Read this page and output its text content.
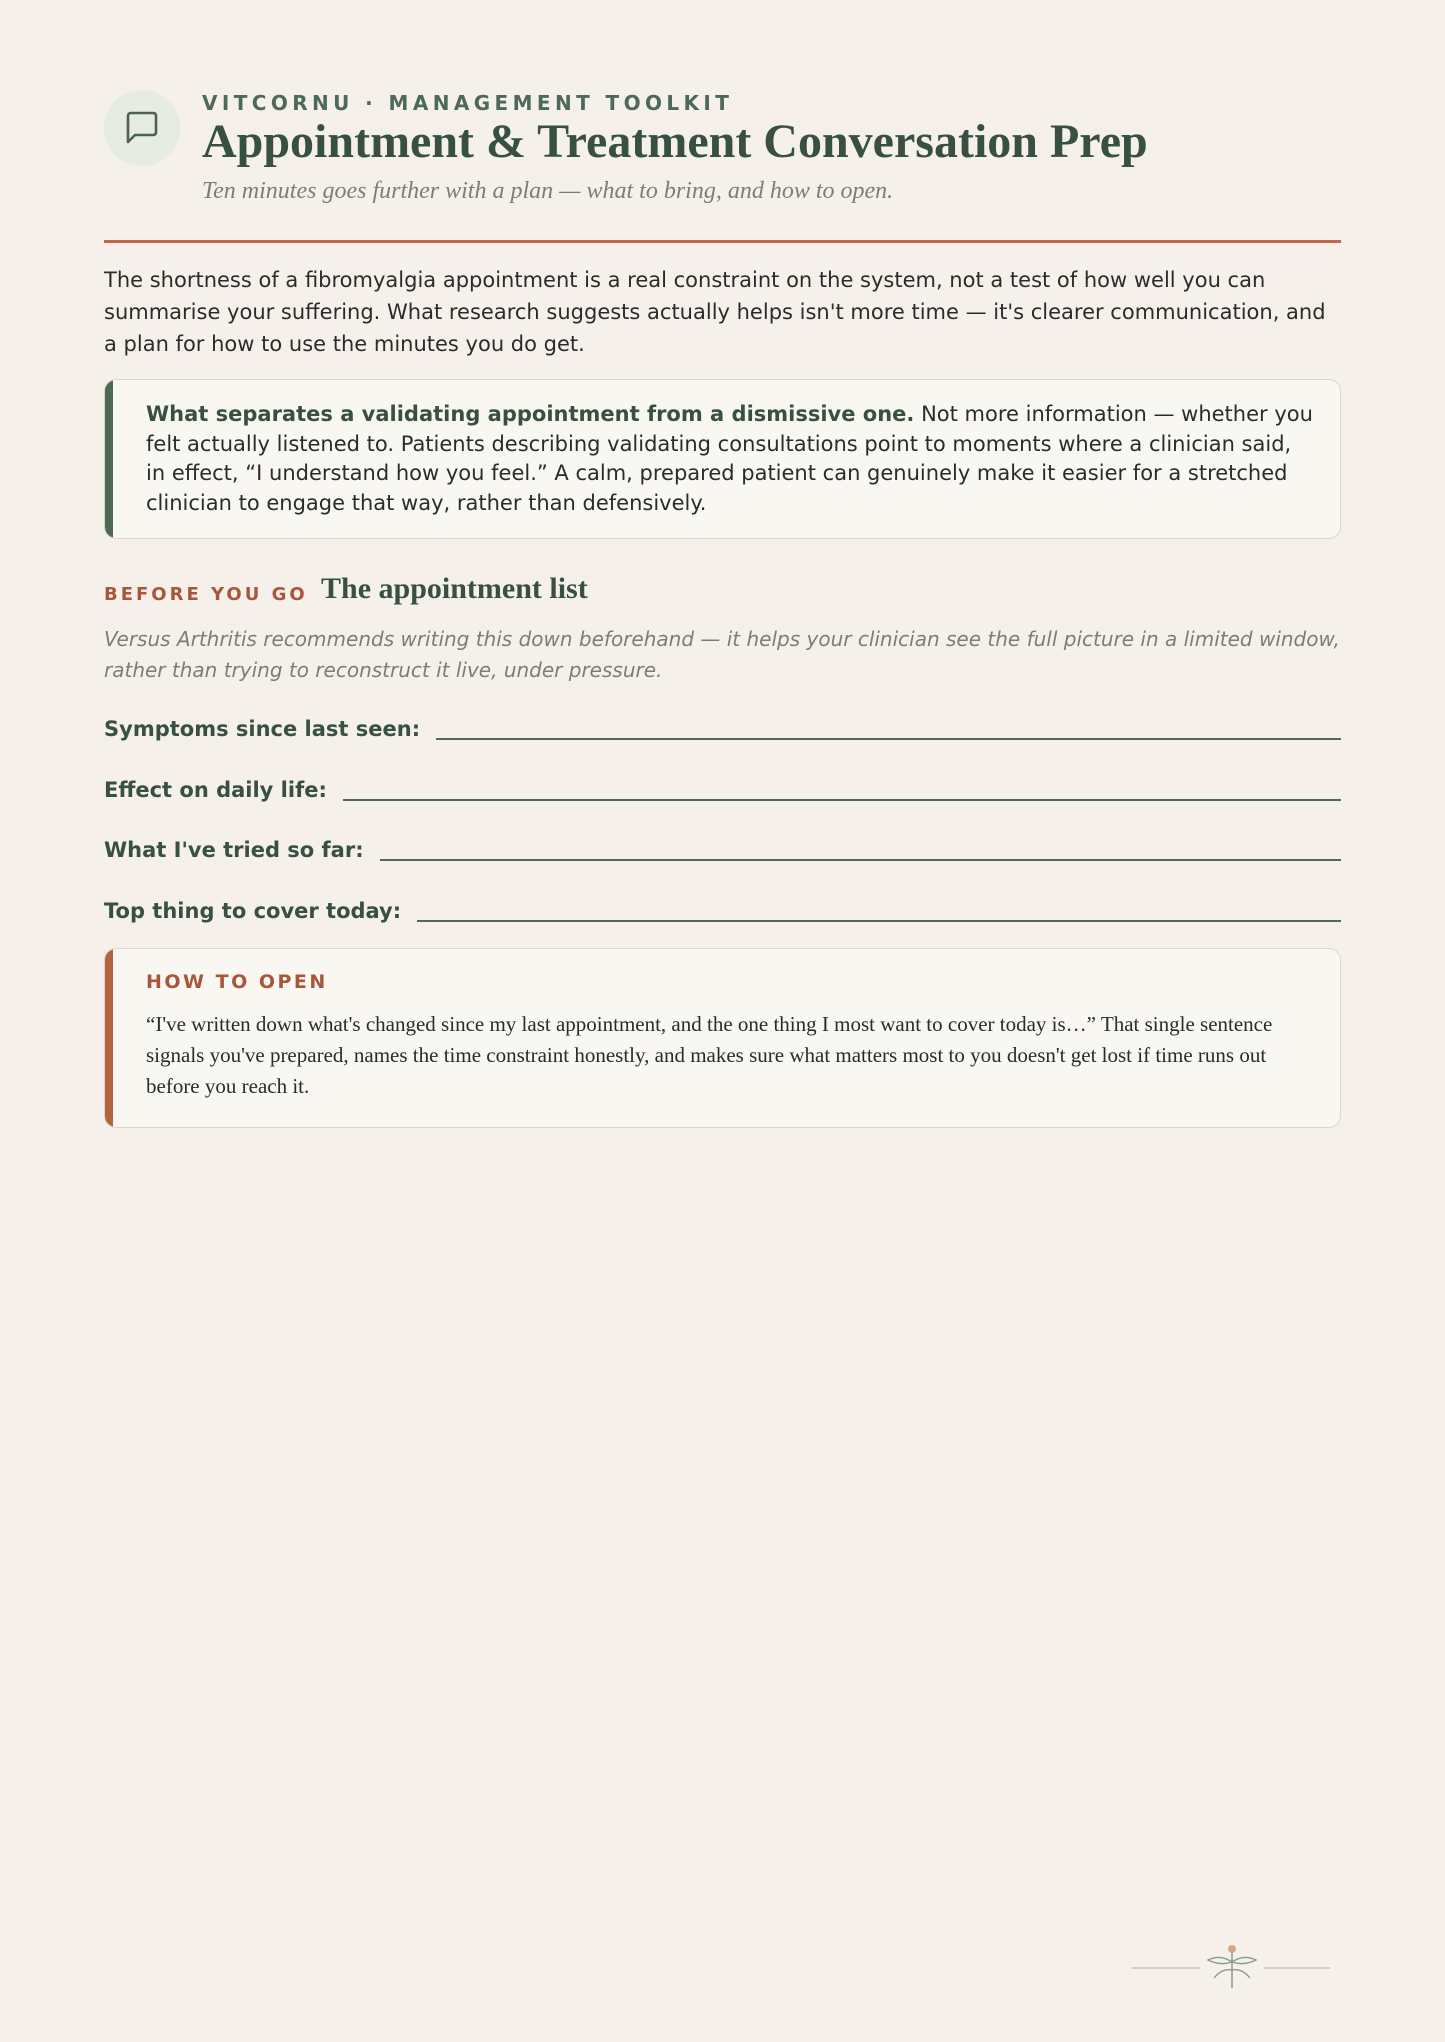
VITCORNU · MANAGEMENT TOOLKIT
Appointment & Treatment Conversation Prep
Ten minutes goes further with a plan — what to bring, and how to open.

The shortness of a fibromyalgia appointment is a real constraint on the system, not a test of how well you can summarise your suffering. What research suggests actually helps isn't more time — it's clearer communication, and a plan for how to use the minutes you do get.

What separates a validating appointment from a dismissive one. Not more information — whether you felt actually listened to. Patients describing validating consultations point to moments where a clinician said, in effect, “I understand how you feel.” A calm, prepared patient can genuinely make it easier for a stretched clinician to engage that way, rather than defensively.

BEFORE YOU GO The appointment list

Versus Arthritis recommends writing this down beforehand — it helps your clinician see the full picture in a limited window, rather than trying to reconstruct it live, under pressure.

Symptoms since last seen:
Effect on daily life:
What I've tried so far:
Top thing to cover today:
HOW TO OPEN

“I've written down what's changed since my last appointment, and the one thing I most want to cover today is…” That single sentence signals you've prepared, names the time constraint honestly, and makes sure what matters most to you doesn't get lost if time runs out before you reach it.
